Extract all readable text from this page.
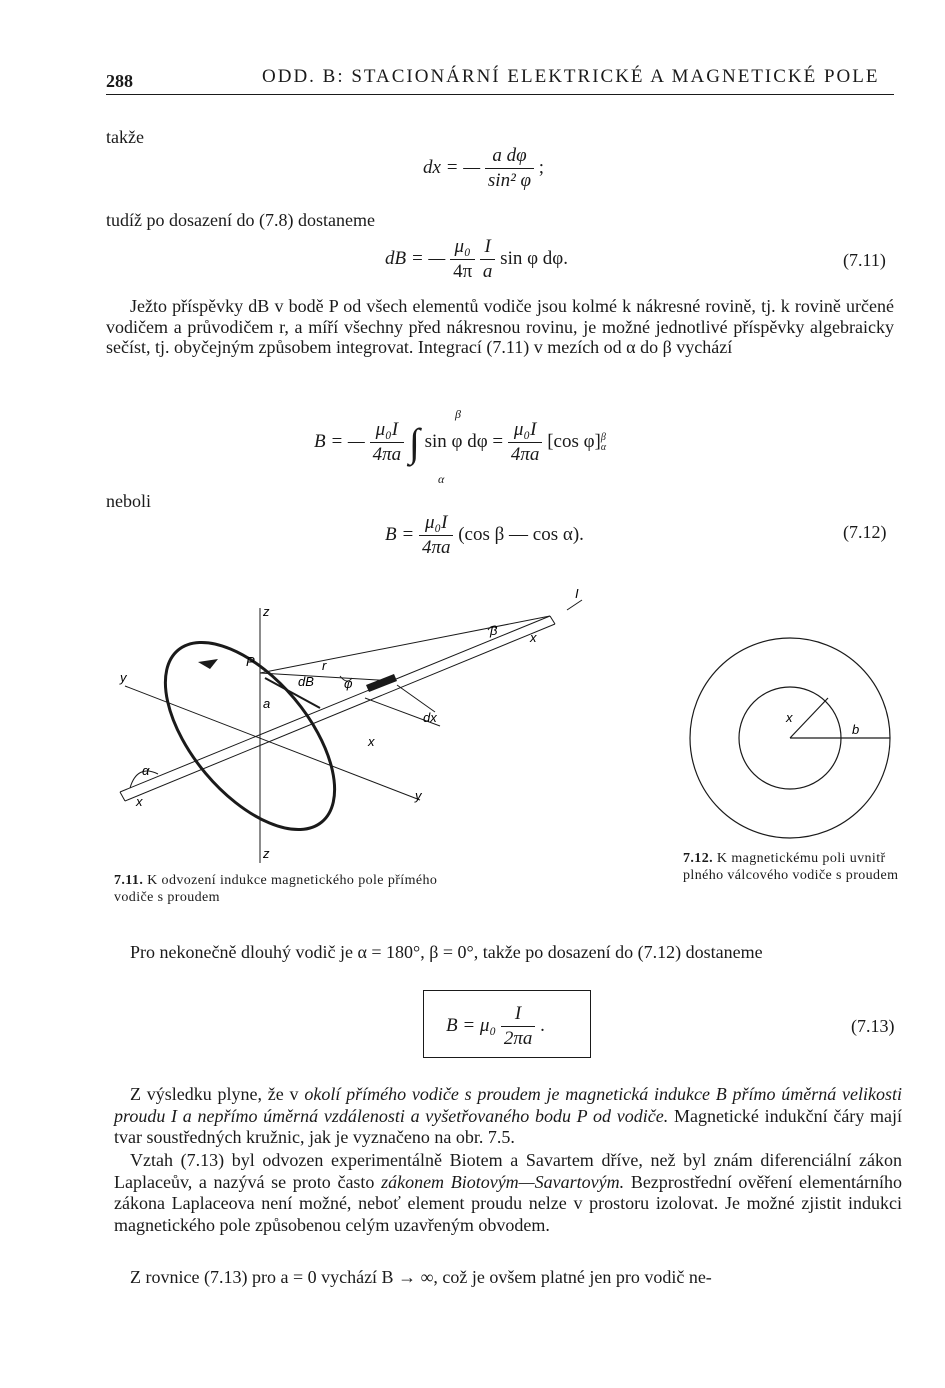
288	ODD. B: STACIONÁRNÍ ELEKTRICKÉ A MAGNETICKÉ POLE
takže
dx = — $\frac{\text{a dφ}}{\text{sin² φ}}$ ;
tudíž po dosazení do (7.8) dostaneme
dB = — $\frac{\text{μ₀}}{4\pi}$
$\frac{I}{a}$ sin φ dφ.	(7.11)
Ježto příspěvky dB v bodě P od všech elementů vodiče jsou kolmé k nákresné rovině, tj. k rovině určené vodičem a průvodičem r, a míří všechny před nákresnou rovinu, je možné jednotlivé příspěvky algebraicky sečíst, tj. obyčejným způsobem integrovat. Integrací (7.11) v mezích od α do β vychází
B = — $\frac{\text{μ₀I}}{4\pi a}$ ∫ sin φ $d\varphi = \frac{\text{μ₀I}}{4\pi a} [\cos$ φ] β
α
β
α
neboli
$B = \frac{\text{μ₀I}}{4\pi a} (\cos$ β — cos α).	(7.12)
z
z
y
y
P
a
r
dB φ
dx
x
x
x
I
β
α
7.11. K odvození indukce magnetického pole přímého vodiče s proudem
x
b
7.12. K magnetickému poli uvnitř plného válcového vodiče s proudem
Pro nekonečně dlouhý vodič je α = 180°, β = 0°, takže po dosazení do (7.12) dostaneme
$B = \mu_0 \frac{I}{2\pi a}$ .	(7.13)
Z výsledku plyne, že v okolí přímého vodiče s proudem je magnetická indukce B přímo úměrná velikosti proudu I a nepřímo úměrná vzdálenosti a vyšetřovaného bodu P od vodiče. Magnetické indukční čáry mají tvar soustředných kružnic, jak je vyznačeno na obr. 7.5.
Vztah (7.13) byl odvozen experimentálně Biotem a Savartem dříve, než byl znám diferenciální zákon Laplaceův, a nazývá se proto často zákonem Biotovým—Savartovým. Bezprostřední ověření elementárního zákona Laplaceova není možné, neboť element proudu nelze v prostoru izolovat. Je možné zjistit indukci magnetického pole způsobenou celým uzavřeným obvodem.
Z rovnice (7.13) pro a = 0 vychází B → ∞, což je ovšem platné jen pro vodič ne-
